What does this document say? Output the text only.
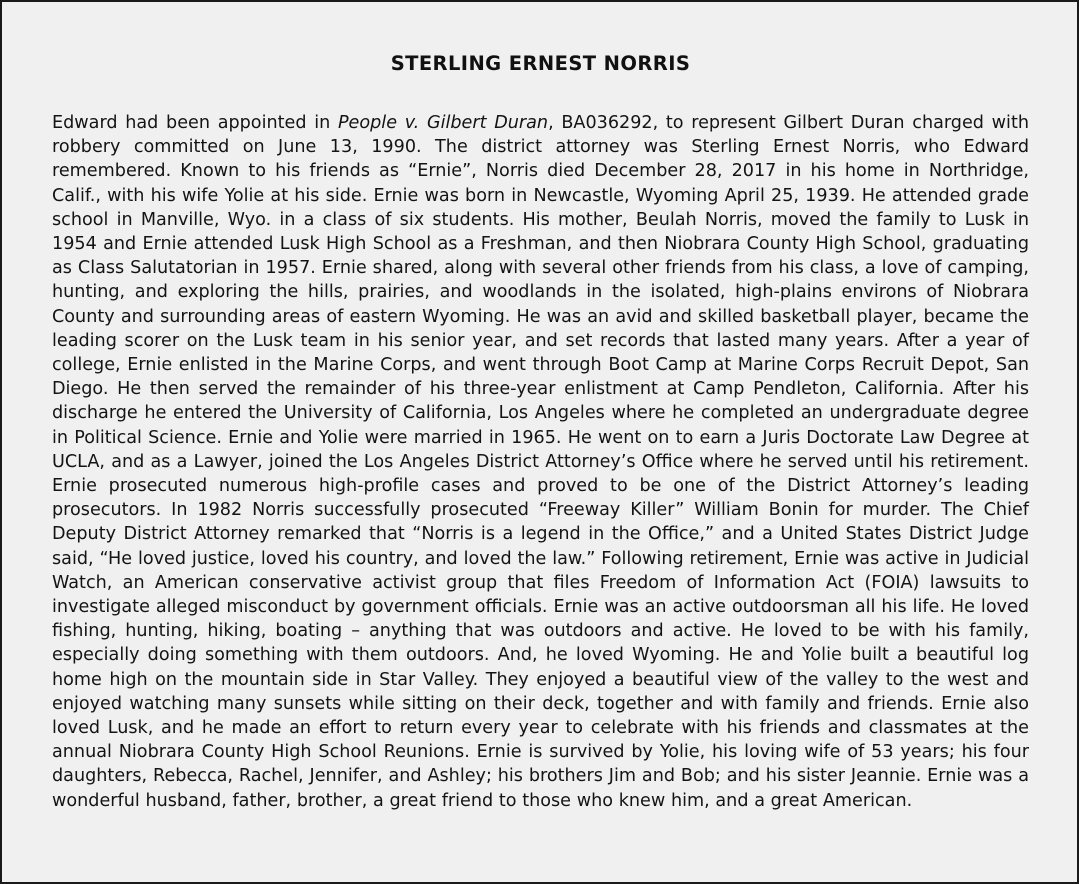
STERLING ERNEST NORRIS

Edward had been appointed in People v. Gilbert Duran, BA036292, to represent Gilbert Duran charged with robbery committed on June 13, 1990. The district attorney was Sterling Ernest Norris, who Edward remembered. Known to his friends as “Ernie”, Norris died December 28, 2017 in his home in Northridge, Calif., with his wife Yolie at his side. Ernie was born in Newcastle, Wyoming April 25, 1939. He attended grade school in Manville, Wyo. in a class of six students. His mother, Beulah Norris, moved the family to Lusk in 1954 and Ernie attended Lusk High School as a Freshman, and then Niobrara County High School, graduating as Class Salutatorian in 1957. Ernie shared, along with several other friends from his class, a love of camping, hunting, and exploring the hills, prairies, and woodlands in the isolated, high-plains environs of Niobrara County and surrounding areas of eastern Wyoming. He was an avid and skilled basketball player, became the leading scorer on the Lusk team in his senior year, and set records that lasted many years. After a year of college, Ernie enlisted in the Marine Corps, and went through Boot Camp at Marine Corps Recruit Depot, San Diego. He then served the remainder of his three-year enlistment at Camp Pendleton, California. After his discharge he entered the University of California, Los Angeles where he completed an undergraduate degree in Political Science. Ernie and Yolie were married in 1965. He went on to earn a Juris Doctorate Law Degree at UCLA, and as a Lawyer, joined the Los Angeles District Attorney’s Office where he served until his retirement. Ernie prosecuted numerous high-profile cases and proved to be one of the District Attorney’s leading prosecutors. In 1982 Norris successfully prosecuted “Freeway Killer” William Bonin for murder. The Chief Deputy District Attorney remarked that “Norris is a legend in the Office,” and a United States District Judge said, “He loved justice, loved his country, and loved the law.” Following retirement, Ernie was active in Judicial Watch, an American conservative activist group that files Freedom of Information Act (FOIA) lawsuits to investigate alleged misconduct by government officials. Ernie was an active outdoorsman all his life. He loved fishing, hunting, hiking, boating – anything that was outdoors and active. He loved to be with his family, especially doing something with them outdoors. And, he loved Wyoming. He and Yolie built a beautiful log home high on the mountain side in Star Valley. They enjoyed a beautiful view of the valley to the west and enjoyed watching many sunsets while sitting on their deck, together and with family and friends. Ernie also loved Lusk, and he made an effort to return every year to celebrate with his friends and classmates at the annual Niobrara County High School Reunions. Ernie is survived by Yolie, his loving wife of 53 years; his four daughters, Rebecca, Rachel, Jennifer, and Ashley; his brothers Jim and Bob; and his sister Jeannie. Ernie was a wonderful husband, father, brother, a great friend to those who knew him, and a great American.
